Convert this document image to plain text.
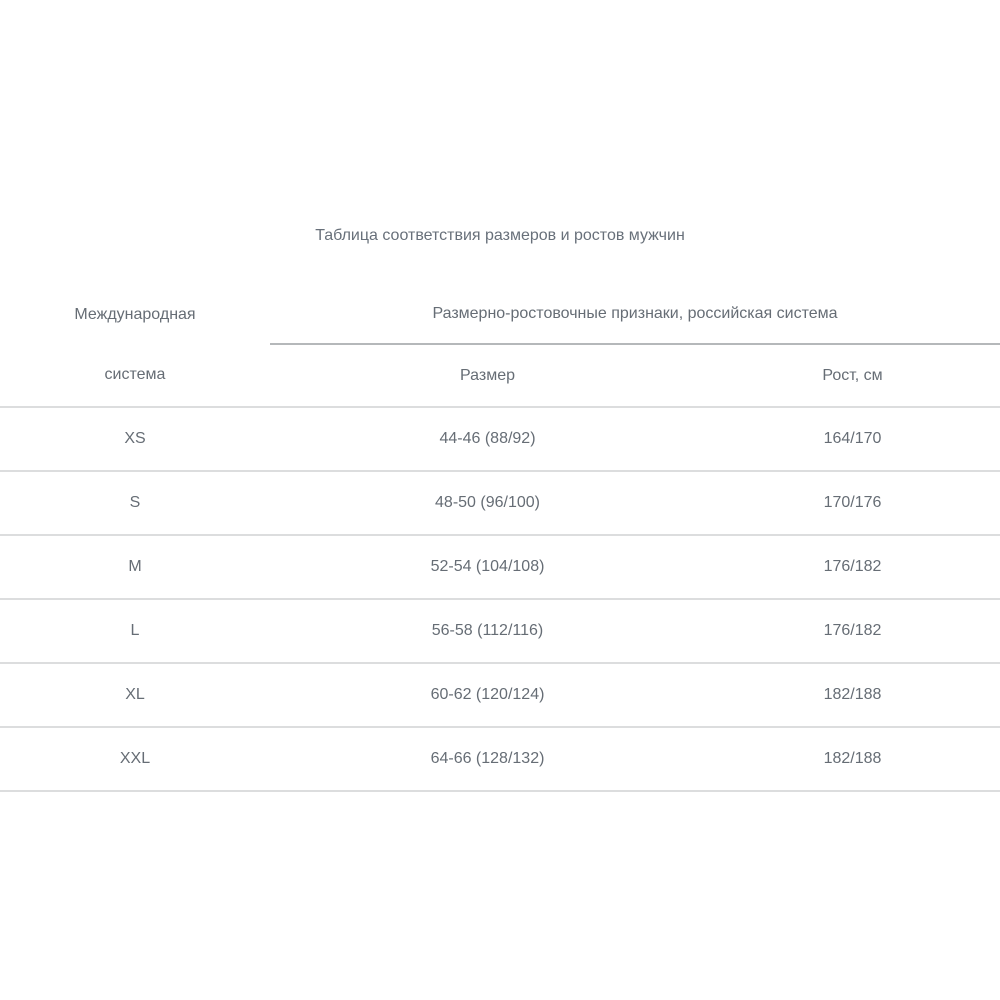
Таблица соответствия размеров и ростов мужчин
Международная	Размерно-ростовочные признаки, российская система	
система	Размер	Рост, см
XS	44-46 (88/92)	164/170
S	48-50 (96/100)	170/176
M	52-54 (104/108)	176/182
L	56-58 (112/116)	176/182
XL	60-62 (120/124)	182/188
XXL	64-66 (128/132)	182/188
